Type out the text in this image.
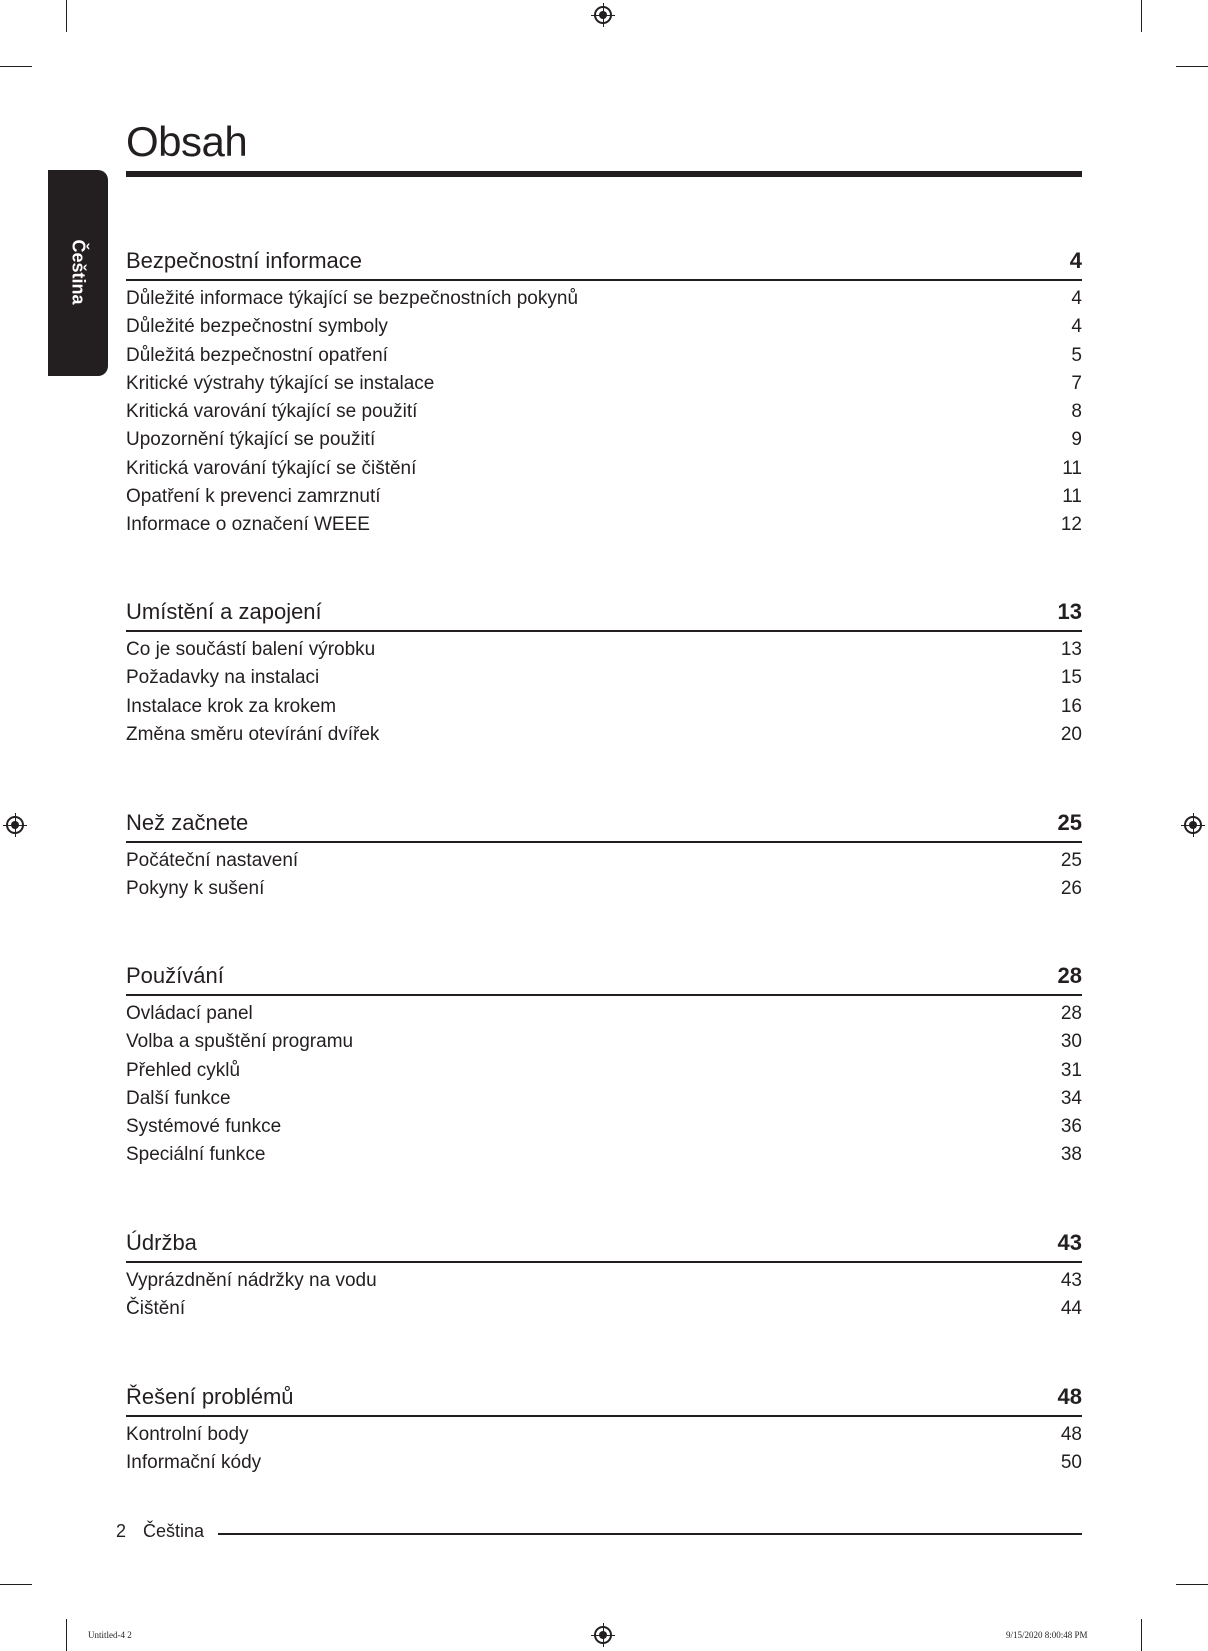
Čeština
Obsah
Bezpečnostní informace	4
Důležité informace týkající se bezpečnostních pokynů	4
Důležité bezpečnostní symboly	4
Důležitá bezpečnostní opatření	5
Kritické výstrahy týkající se instalace	7
Kritická varování týkající se použití	8
Upozornění týkající se použití	9
Kritická varování týkající se čištění	11
Opatření k prevenci zamrznutí	11
Informace o označení WEEE	12
Umístění a zapojení	13
Co je součástí balení výrobku	13
Požadavky na instalaci	15
Instalace krok za krokem	16
Změna směru otevírání dvířek	20
Než začnete	25
Počáteční nastavení	25
Pokyny k sušení	26
Používání	28
Ovládací panel	28
Volba a spuštění programu	30
Přehled cyklů	31
Další funkce	34
Systémové funkce	36
Speciální funkce	38
Údržba	43
Vyprázdnění nádržky na vodu	43
Čištění	44
Řešení problémů	48
Kontrolní body	48
Informační kódy	50
2 Čeština
Untitled-4 2	9/15/2020 8:00:48 PM
